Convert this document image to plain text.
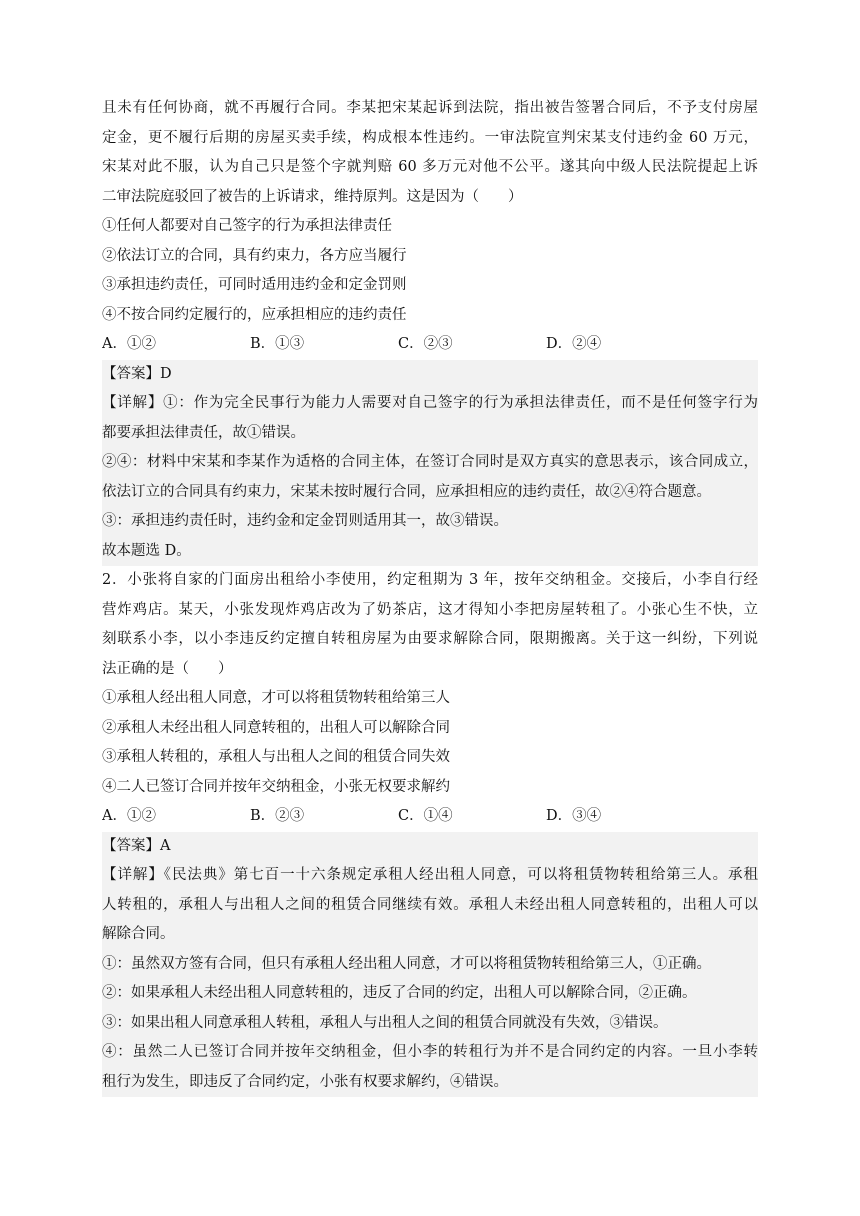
且未有任何协商，就不再履行合同。李某把宋某起诉到法院，指出被告签署合同后，不予支付房屋
定金，更不履行后期的房屋买卖手续，构成根本性违约。一审法院宣判宋某支付违约金 60 万元，
宋某对此不服，认为自己只是签个字就判赔 60 多万元对他不公平。遂其向中级人民法院提起上诉
二审法院庭驳回了被告的上诉请求，维持原判。这是因为（　　）
①任何人都要对自己签字的行为承担法律责任
②依法订立的合同，具有约束力，各方应当履行
③承担违约责任，可同时适用违约金和定金罚则
④不按合同约定履行的，应承担相应的违约责任
A．①②	B．①③	C．②③	D．②④
【答案】D
【详解】①：作为完全民事行为能力人需要对自己签字的行为承担法律责任，而不是任何签字行为
都要承担法律责任，故①错误。
②④：材料中宋某和李某作为适格的合同主体，在签订合同时是双方真实的意思表示，该合同成立，
依法订立的合同具有约束力，宋某未按时履行合同，应承担相应的违约责任，故②④符合题意。
③：承担违约责任时，违约金和定金罚则适用其一，故③错误。
故本题选 D。
2．小张将自家的门面房出租给小李使用，约定租期为 3 年，按年交纳租金。交接后，小李自行经
营炸鸡店。某天，小张发现炸鸡店改为了奶茶店，这才得知小李把房屋转租了。小张心生不快，立
刻联系小李，以小李违反约定擅自转租房屋为由要求解除合同，限期搬离。关于这一纠纷，下列说
法正确的是（　　）
①承租人经出租人同意，才可以将租赁物转租给第三人
②承租人未经出租人同意转租的，出租人可以解除合同
③承租人转租的，承租人与出租人之间的租赁合同失效
④二人已签订合同并按年交纳租金，小张无权要求解约
A．①②	B．②③	C．①④	D．③④
【答案】A
【详解】《民法典》第七百一十六条规定承租人经出租人同意，可以将租赁物转租给第三人。承租
人转租的，承租人与出租人之间的租赁合同继续有效。承租人未经出租人同意转租的，出租人可以
解除合同。
①：虽然双方签有合同，但只有承租人经出租人同意，才可以将租赁物转租给第三人，①正确。
②：如果承租人未经出租人同意转租的，违反了合同的约定，出租人可以解除合同，②正确。
③：如果出租人同意承租人转租，承租人与出租人之间的租赁合同就没有失效，③错误。
④：虽然二人已签订合同并按年交纳租金，但小李的转租行为并不是合同约定的内容。一旦小李转
租行为发生，即违反了合同约定，小张有权要求解约，④错误。
